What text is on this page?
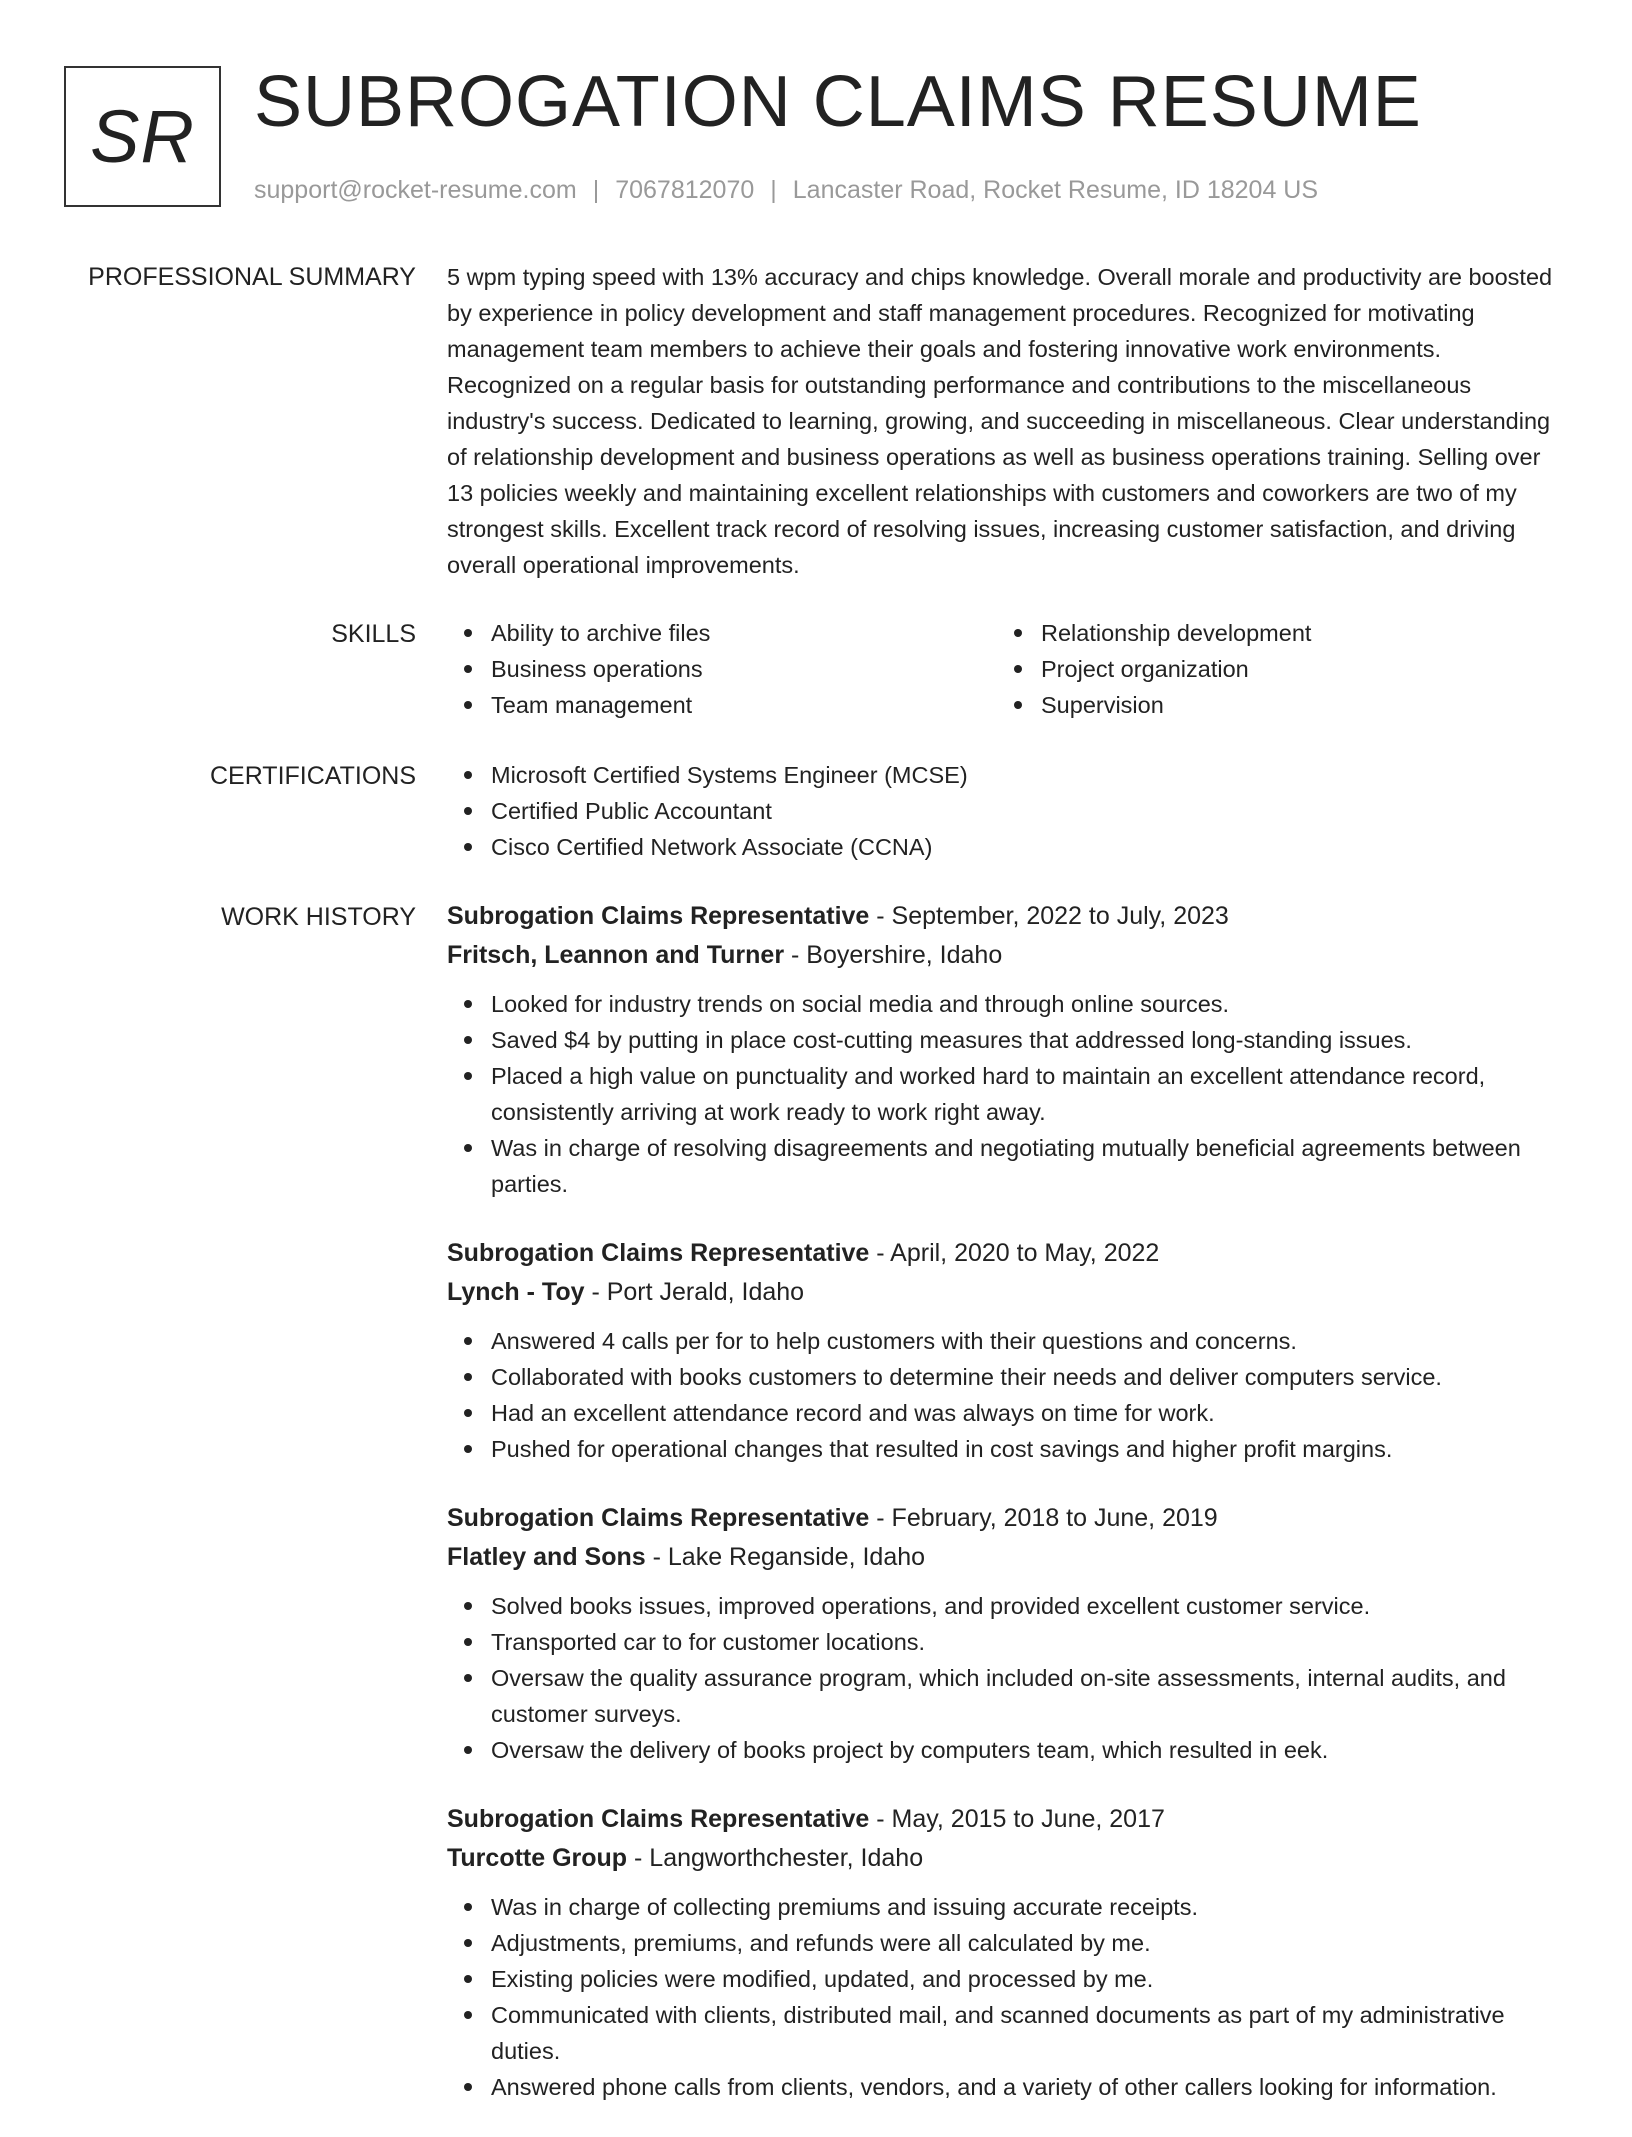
SR SUBROGATION CLAIMS RESUME
support@rocket-resume.com | 7067812070 | Lancaster Road, Rocket Resume, ID 18204 US
PROFESSIONAL SUMMARY 5 wpm typing speed with 13% accuracy and chips knowledge. Overall morale and productivity are boosted by experience in policy development and staff management procedures. Recognized for motivating management team members to achieve their goals and fostering innovative work environments. Recognized on a regular basis for outstanding performance and contributions to the miscellaneous industry's success. Dedicated to learning, growing, and succeeding in miscellaneous. Clear understanding of relationship development and business operations as well as business operations training. Selling over 13 policies weekly and maintaining excellent relationships with customers and coworkers are two of my strongest skills. Excellent track record of resolving issues, increasing customer satisfaction, and driving overall operational improvements.

SKILLS	Ability to archive files
Business operations
Team management
Relationship development
Project organization
Supervision
CERTIFICATIONS	Microsoft Certified Systems Engineer (MCSE)
Certified Public Accountant
Cisco Certified Network Associate (CCNA)
WORK HISTORY Subrogation Claims Representative - September, 2022 to July, 2023
Fritsch, Leannon and Turner - Boyershire, Idaho
Looked for industry trends on social media and through online sources.
Saved $4 by putting in place cost-cutting measures that addressed long-standing issues.
Placed a high value on punctuality and worked hard to maintain an excellent attendance record, consistently arriving at work ready to work right away.
Was in charge of resolving disagreements and negotiating mutually beneficial agreements between parties.
Subrogation Claims Representative - April, 2020 to May, 2022
Lynch - Toy - Port Jerald, Idaho
Answered 4 calls per for to help customers with their questions and concerns.
Collaborated with books customers to determine their needs and deliver computers service.
Had an excellent attendance record and was always on time for work.
Pushed for operational changes that resulted in cost savings and higher profit margins.
Subrogation Claims Representative - February, 2018 to June, 2019
Flatley and Sons - Lake Reganside, Idaho
Solved books issues, improved operations, and provided excellent customer service.
Transported car to for customer locations.
Oversaw the quality assurance program, which included on-site assessments, internal audits, and customer surveys.
Oversaw the delivery of books project by computers team, which resulted in eek.
Subrogation Claims Representative - May, 2015 to June, 2017
Turcotte Group - Langworthchester, Idaho
Was in charge of collecting premiums and issuing accurate receipts.
Adjustments, premiums, and refunds were all calculated by me.
Existing policies were modified, updated, and processed by me.
Communicated with clients, distributed mail, and scanned documents as part of my administrative duties.
Answered phone calls from clients, vendors, and a variety of other callers looking for information.
